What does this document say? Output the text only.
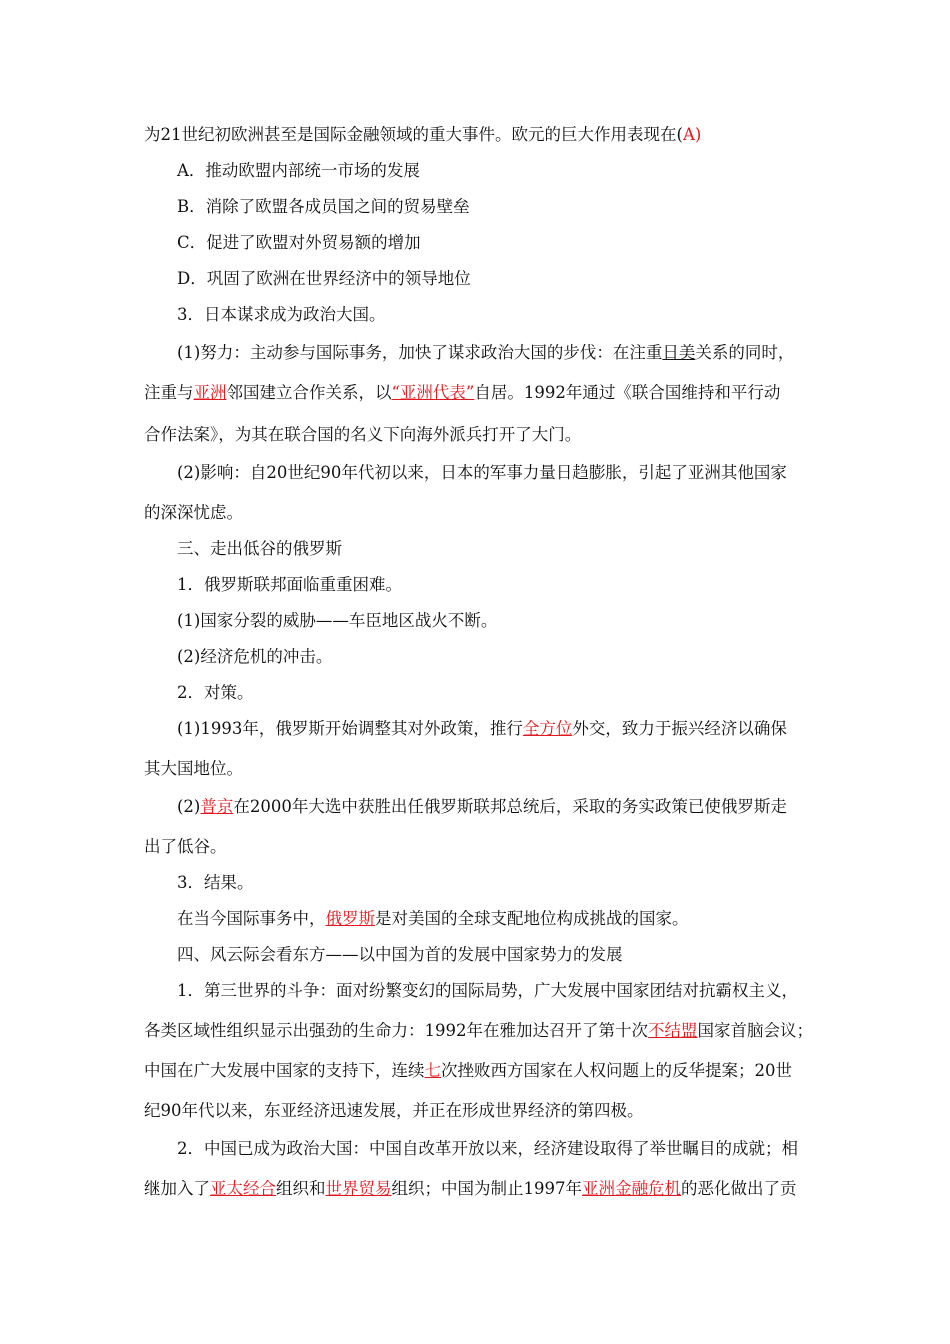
为21世纪初欧洲甚至是国际金融领域的重大事件。欧元的巨大作用表现在(A)
A．推动欧盟内部统一市场的发展
B．消除了欧盟各成员国之间的贸易壁垒
C．促进了欧盟对外贸易额的增加
D．巩固了欧洲在世界经济中的领导地位
3．日本谋求成为政治大国。
(1)努力：主动参与国际事务，加快了谋求政治大国的步伐：在注重日美关系的同时，
注重与亚洲邻国建立合作关系，以“亚洲代表”自居。1992年通过《联合国维持和平行动
合作法案》，为其在联合国的名义下向海外派兵打开了大门。
(2)影响：自20世纪90年代初以来，日本的军事力量日趋膨胀，引起了亚洲其他国家
的深深忧虑。
三、走出低谷的俄罗斯
1．俄罗斯联邦面临重重困难。
(1)国家分裂的威胁——车臣地区战火不断。
(2)经济危机的冲击。
2．对策。
(1)1993年，俄罗斯开始调整其对外政策，推行全方位外交，致力于振兴经济以确保
其大国地位。
(2)普京在2000年大选中获胜出任俄罗斯联邦总统后，采取的务实政策已使俄罗斯走
出了低谷。
3．结果。
在当今国际事务中，俄罗斯是对美国的全球支配地位构成挑战的国家。
四、风云际会看东方——以中国为首的发展中国家势力的发展
1．第三世界的斗争：面对纷繁变幻的国际局势，广大发展中国家团结对抗霸权主义，
各类区域性组织显示出强劲的生命力：1992年在雅加达召开了第十次不结盟国家首脑会议；
中国在广大发展中国家的支持下，连续七次挫败西方国家在人权问题上的反华提案；20世
纪90年代以来，东亚经济迅速发展，并正在形成世界经济的第四极。
2．中国已成为政治大国：中国自改革开放以来，经济建设取得了举世瞩目的成就；相
继加入了亚太经合组织和世界贸易组织；中国为制止1997年亚洲金融危机的恶化做出了贡
